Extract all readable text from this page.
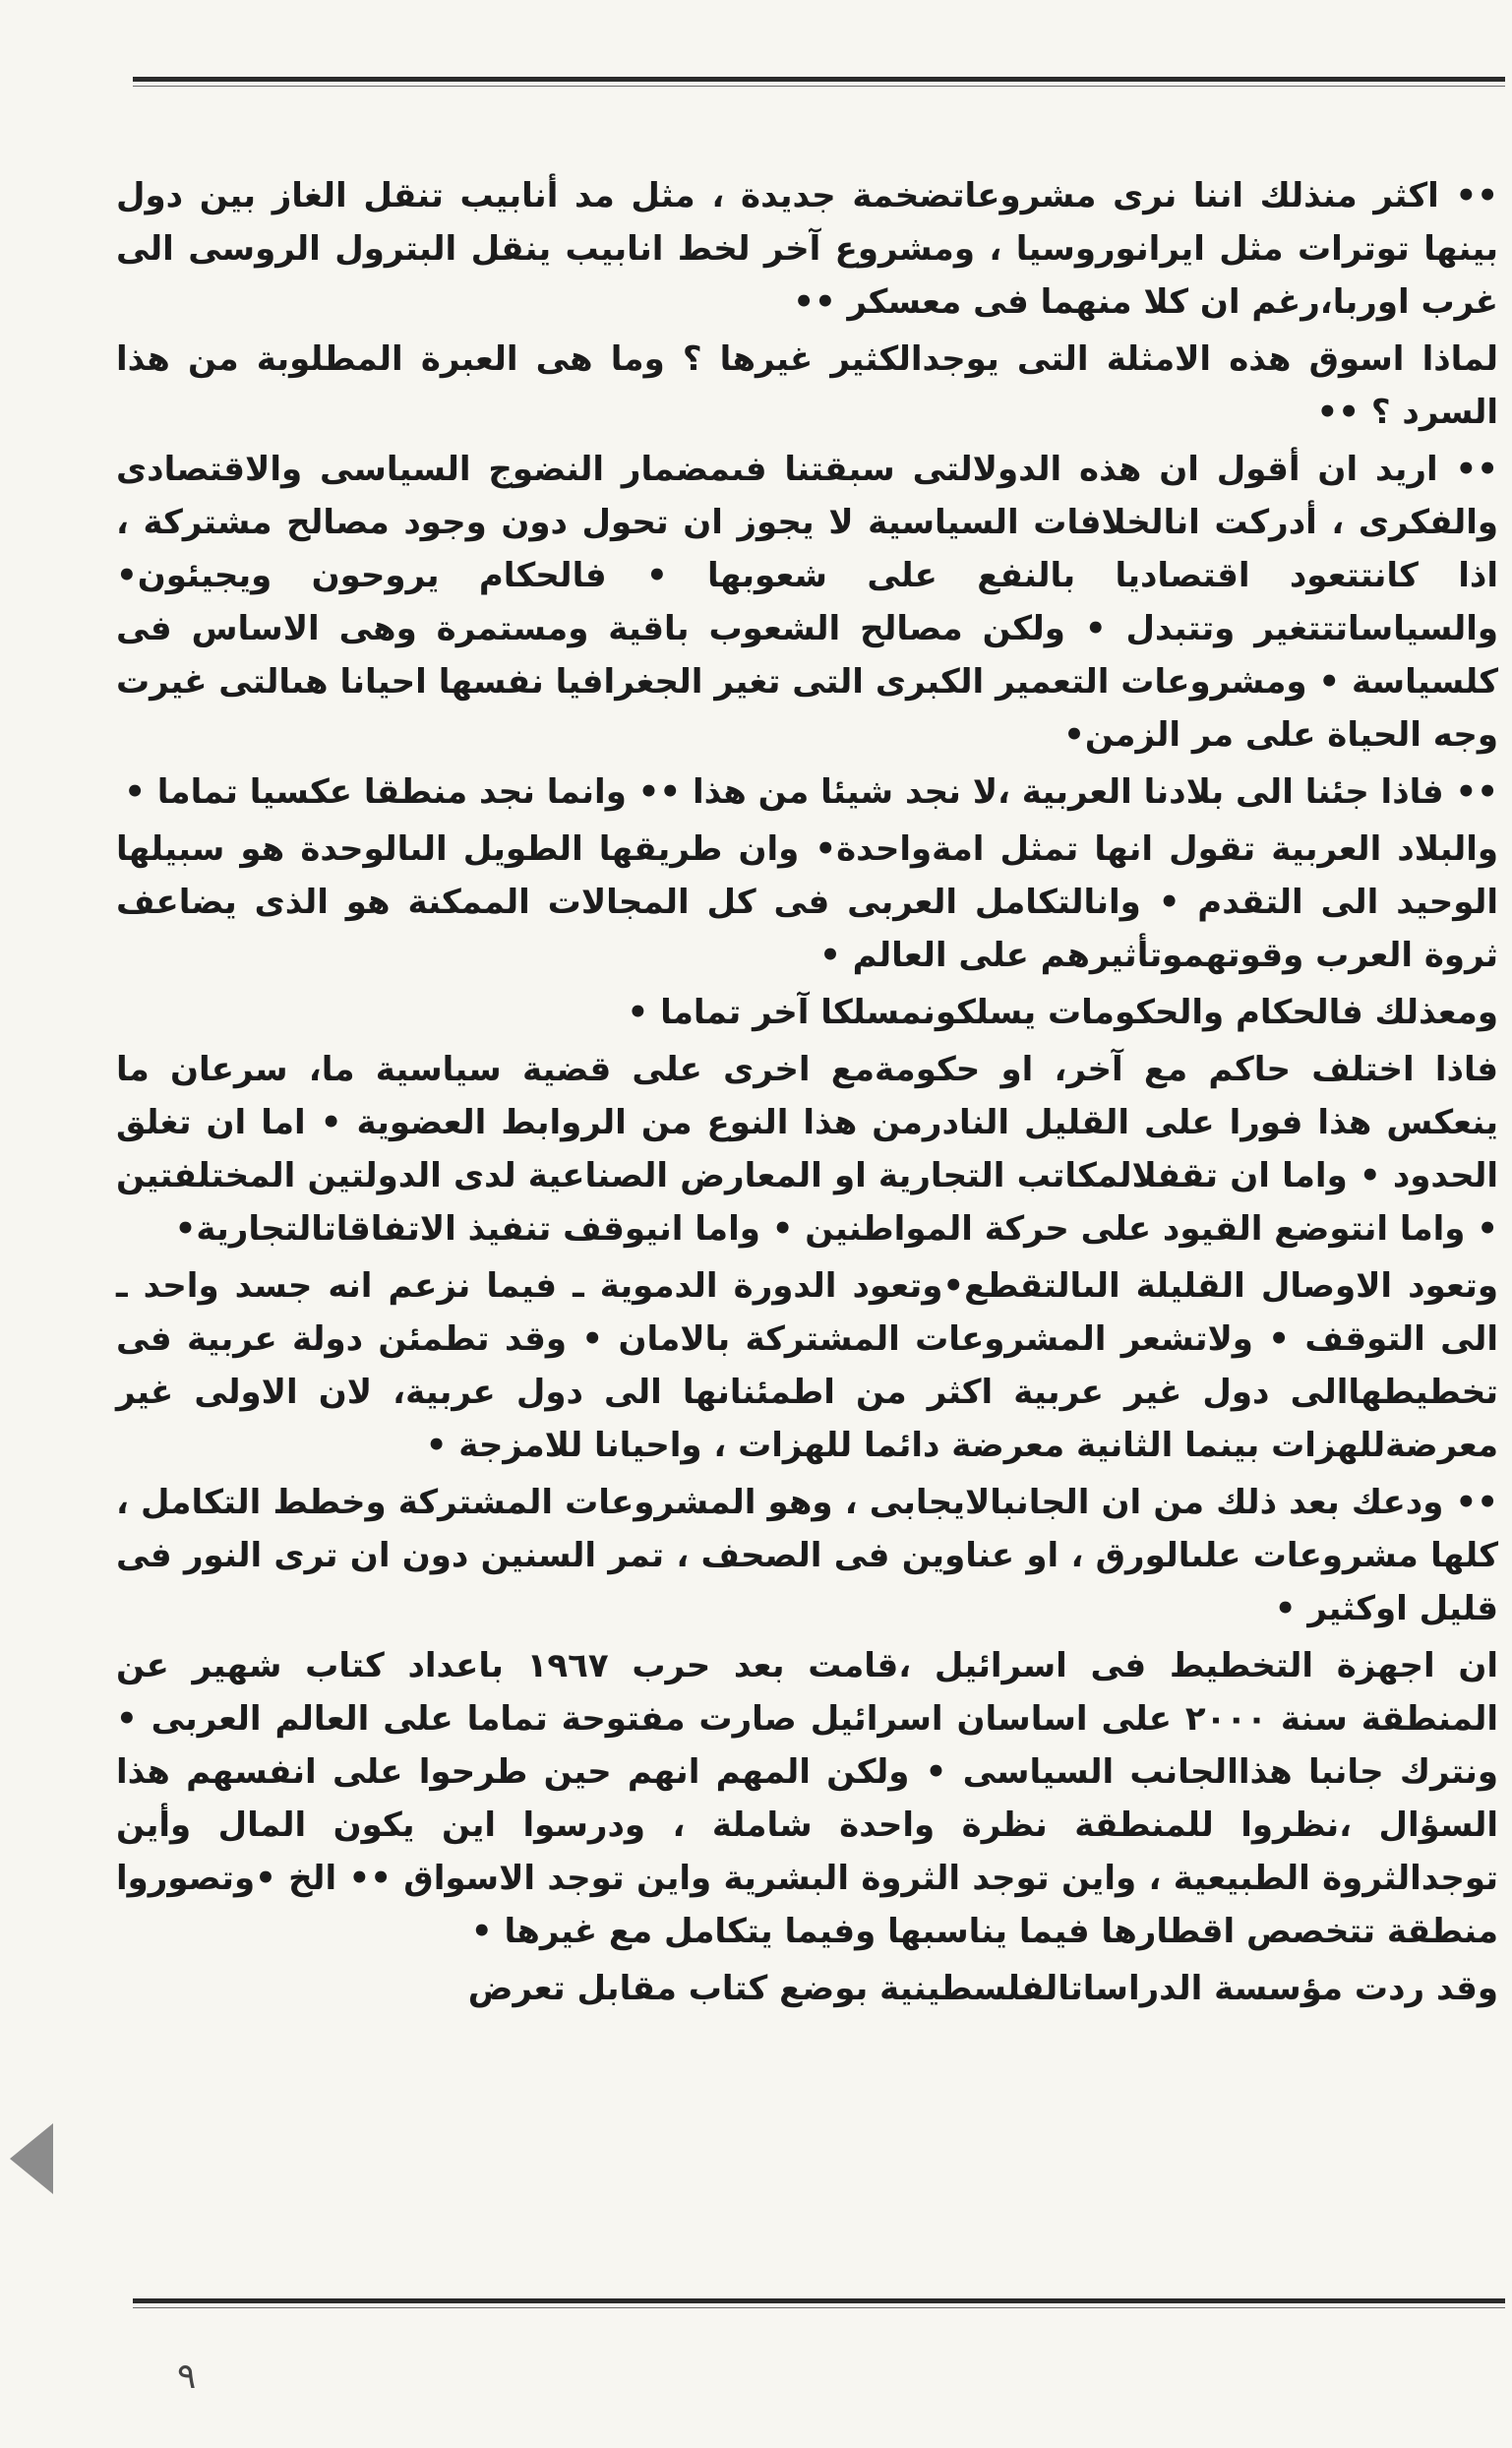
•• اكثر منذلك اننا نرى مشروعاتضخمة جديدة ، مثل مد أنابيب تنقل الغاز بين دول بينها توترات مثل ايرانوروسيا ، ومشروع آخر لخط انابيب ينقل البترول الروسى الى غرب اوربا،رغم ان كلا منهما فى معسكر ••

لماذا اسوق هذه الامثلة التى يوجدالكثير غيرها ؟ وما هى العبرة المطلوبة من هذا السرد ؟ ••

•• اريد ان أقول ان هذه الدولالتى سبقتنا فىمضمار النضوج السياسى والاقتصادى والفكرى ، أدركت انالخلافات السياسية لا يجوز ان تحول دون وجود مصالح مشتركة ، اذا كانتتعود اقتصاديا بالنفع على شعوبها • فالحكام يروحون ويجيئون• والسياساتتتغير وتتبدل • ولكن مصالح الشعوب باقية ومستمرة وهى الاساس فى كلسياسة • ومشروعات التعمير الكبرى التى تغير الجغرافيا نفسها احيانا هىالتى غيرت وجه الحياة على مر الزمن•

•• فاذا جئنا الى بلادنا العربية ،لا نجد شيئا من هذا •• وانما نجد منطقا عكسيا تماما •

والبلاد العربية تقول انها تمثل امةواحدة• وان طريقها الطويل الىالوحدة هو سبيلها الوحيد الى التقدم • وانالتكامل العربى فى كل المجالات الممكنة هو الذى يضاعف ثروة العرب وقوتهموتأثيرهم على العالم •

ومعذلك فالحكام والحكومات يسلكونمسلكا آخر تماما •

فاذا اختلف حاكم مع آخر، او حكومةمع اخرى على قضية سياسية ما، سرعان ما ينعكس هذا فورا على القليل النادرمن هذا النوع من الروابط العضوية • اما ان تغلق الحدود • واما ان تقفلالمكاتب التجارية او المعارض الصناعية لدى الدولتين المختلفتين • واما انتوضع القيود على حركة المواطنين • واما انيوقف تنفيذ الاتفاقاتالتجارية•

وتعود الاوصال القليلة الىالتقطع•وتعود الدورة الدموية ـ فيما نزعم انه جسد واحد ـ الى التوقف • ولاتشعر المشروعات المشتركة بالامان • وقد تطمئن دولة عربية فى تخطيطهاالى دول غير عربية اكثر من اطمئنانها الى دول عربية، لان الاولى غير معرضةللهزات بينما الثانية معرضة دائما للهزات ، واحيانا للامزجة •

•• ودعك بعد ذلك من ان الجانبالايجابى ، وهو المشروعات المشتركة وخطط التكامل ، كلها مشروعات علىالورق ، او عناوين فى الصحف ، تمر السنين دون ان ترى النور فى قليل اوكثير •

ان اجهزة التخطيط فى اسرائيل ،قامت بعد حرب ١٩٦٧ باعداد كتاب شهير عن المنطقة سنة ٢٠٠٠ على اساسان اسرائيل صارت مفتوحة تماما على العالم العربى • ونترك جانبا هذاالجانب السياسى • ولكن المهم انهم حين طرحوا على انفسهم هذا السؤال ،نظروا للمنطقة نظرة واحدة شاملة ، ودرسوا اين يكون المال وأين توجدالثروة الطبيعية ، واين توجد الثروة البشرية واين توجد الاسواق •• الخ •وتصوروا منطقة تتخصص اقطارها فيما يناسبها وفيما يتكامل مع غيرها •

وقد ردت مؤسسة الدراساتالفلسطينية بوضع كتاب مقابل تعرض

٩
